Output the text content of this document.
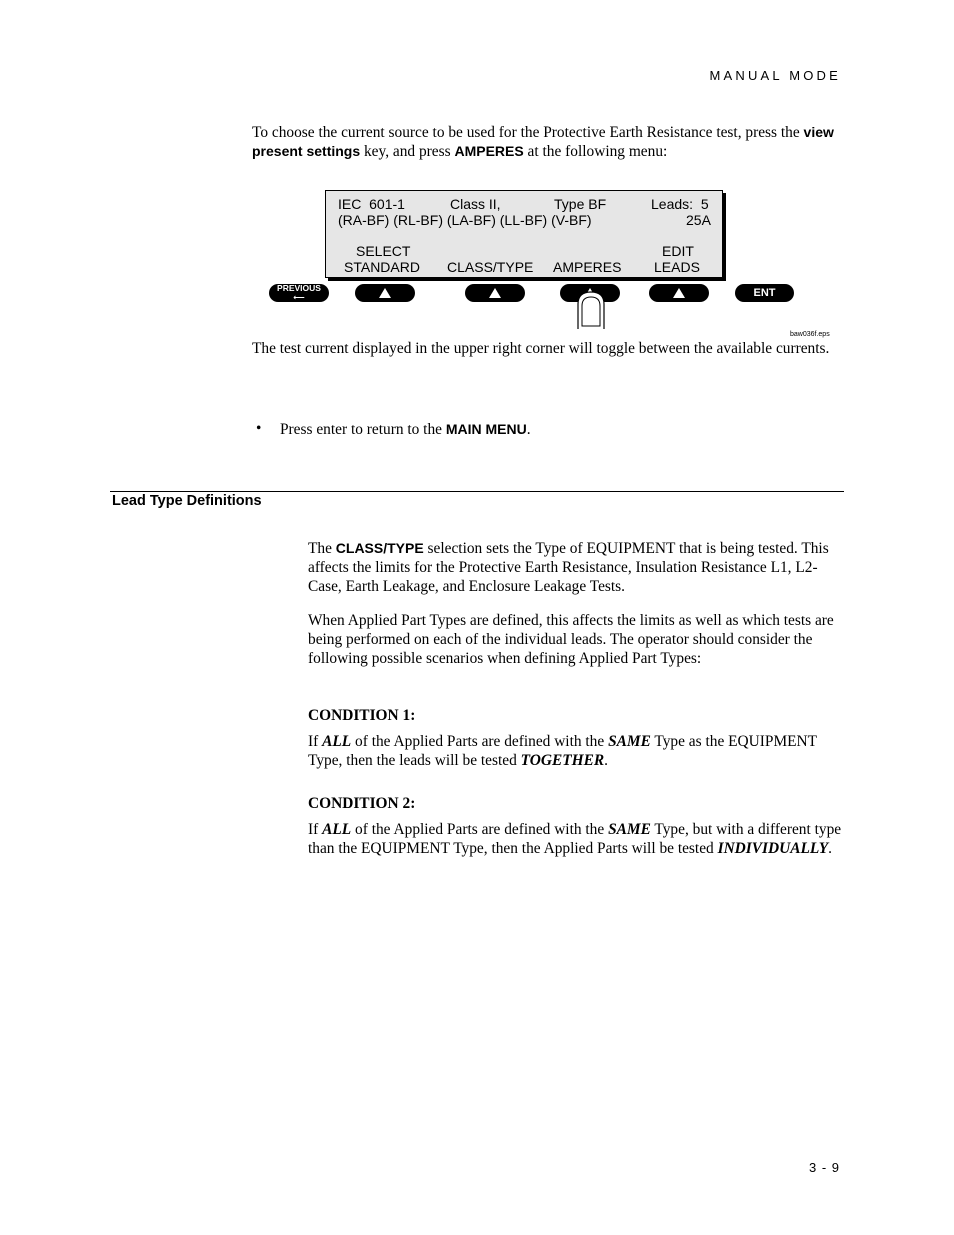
MANUAL MODE
To choose the current source to be used for the Protective Earth Resistance test, press the view present settings key, and press AMPERES at the following menu:
IEC  601-1	Class II,	Type BF	Leads:  5
(RA-BF) (RL-BF) (LA-BF) (LL-BF) (V-BF)	25A
SELECT
STANDARD CLASS/TYPE AMPERES
EDIT
LEADS
PREVIOUS
⟵	ENT
baw036f.eps
The test current displayed in the upper right corner will toggle between the available currents.
• Press enter to return to the MAIN MENU.
Lead Type Definitions
The CLASS/TYPE selection sets the Type of EQUIPMENT that is being tested. This affects the limits for the Protective Earth Resistance, Insulation Resistance L1, L2-Case, Earth Leakage, and Enclosure Leakage Tests.
When Applied Part Types are defined, this affects the limits as well as which tests are being performed on each of the individual leads. The operator should consider the following possible scenarios when defining Applied Part Types:
CONDITION 1:
If ALL of the Applied Parts are defined with the SAME Type as the EQUIPMENT Type, then the leads will be tested TOGETHER.
CONDITION 2:
If ALL of the Applied Parts are defined with the SAME Type, but with a different type than the EQUIPMENT Type, then the Applied Parts will be tested INDIVIDUALLY.
3 - 9
